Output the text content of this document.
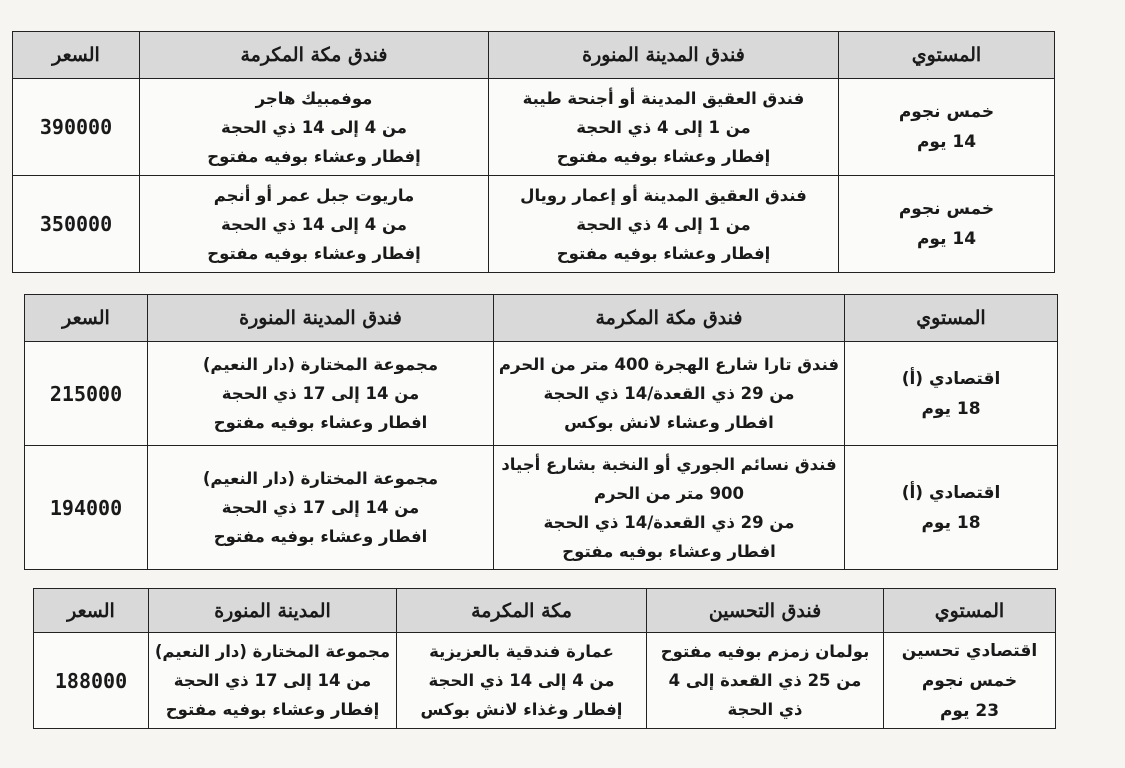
المستوي	فندق المدينة المنورة	فندق مكة المكرمة	السعر

خمس نجوم
14 يوم	فندق العقيق المدينة أو أجنحة طيبة
من 1 إلى 4 ذي الحجة
إفطار وعشاء بوفيه مفتوح	موفمبيك هاجر
من 4 إلى 14 ذي الحجة
إفطار وعشاء بوفيه مفتوح	390000

خمس نجوم
14 يوم	فندق العقيق المدينة أو إعمار رويال
من 1 إلى 4 ذي الحجة
إفطار وعشاء بوفيه مفتوح	ماريوت جبل عمر أو أنجم
من 4 إلى 14 ذي الحجة
إفطار وعشاء بوفيه مفتوح	350000
المستوي	فندق مكة المكرمة	فندق المدينة المنورة	السعر

اقتصادي (أ)
18 يوم	فندق تارا شارع الهجرة 400 متر من الحرم
من 29 ذي القعدة/14 ذي الحجة
افطار وعشاء لانش بوكس	مجموعة المختارة (دار النعيم)
من 14 إلى 17 ذي الحجة
افطار وعشاء بوفيه مفتوح	215000

اقتصادي (أ)
18 يوم	فندق نسائم الجوري أو النخبة بشارع أجياد
900 متر من الحرم
من 29 ذي القعدة/14 ذي الحجة
افطار وعشاء بوفيه مفتوح	مجموعة المختارة (دار النعيم)
من 14 إلى 17 ذي الحجة
افطار وعشاء بوفيه مفتوح	194000
المستوي	فندق التحسين	مكة المكرمة	المدينة المنورة	السعر

اقتصادي تحسين
خمس نجوم
23 يوم	بولمان زمزم بوفيه مفتوح
من 25 ذي القعدة إلى 4
ذي الحجة	عمارة فندقية بالعزيزية
من 4 إلى 14 ذي الحجة
إفطار وغذاء لانش بوكس	مجموعة المختارة (دار النعيم)
من 14 إلى 17 ذي الحجة
إفطار وعشاء بوفيه مفتوح	188000
